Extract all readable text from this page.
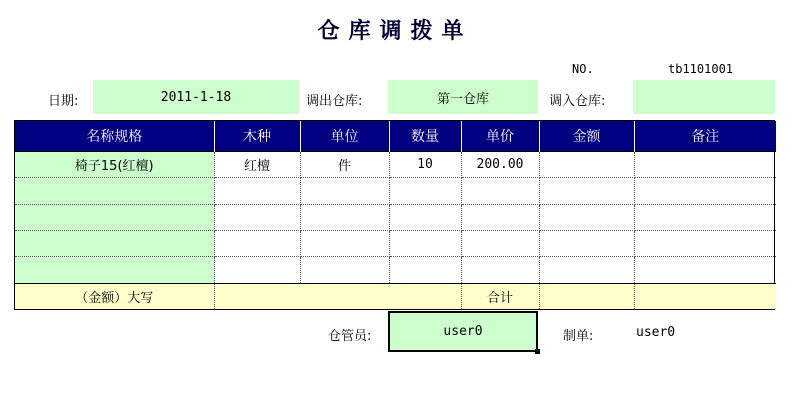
仓库调拨单
NO.	tb1101001
日期:	2011-1-18	调出仓库:	第一仓库	调入仓库:
名称规格	木种	单位	数量	单价	金额	备注
椅子15(红檀)	红檀	件	10	200.00		

（金额）大写				合计		
仓管员:	user0	制单:	user0
